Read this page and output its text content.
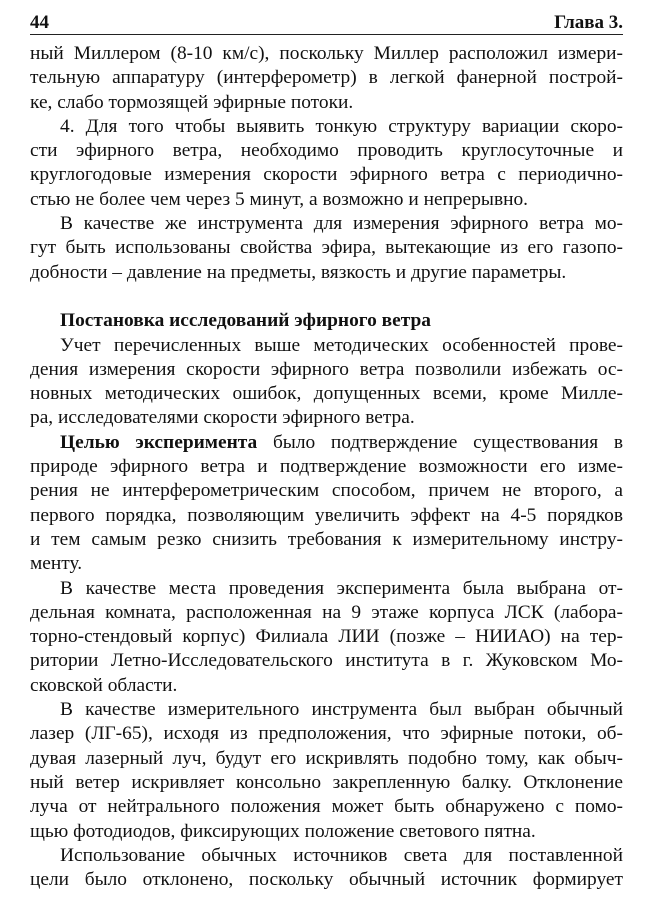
44	Глава 3.
ный Миллером (8-10 км/с), поскольку Миллер расположил измери-
тельную аппаратуру (интерферометр) в легкой фанерной построй-
ке, слабо тормозящей эфирные потоки.
4. Для того чтобы выявить тонкую структуру вариации скоро-
сти эфирного ветра, необходимо проводить круглосуточные и
круглогодовые измерения скорости эфирного ветра с периодично-
стью не более чем через 5 минут, а возможно и непрерывно.
В качестве же инструмента для измерения эфирного ветра мо-
гут быть использованы свойства эфира, вытекающие из его газопо-
добности – давление на предметы, вязкость и другие параметры.
Постановка исследований эфирного ветра
Учет перечисленных выше методических особенностей прове-
дения измерения скорости эфирного ветра позволили избежать ос-
новных методических ошибок, допущенных всеми, кроме Милле-
ра, исследователями скорости эфирного ветра.
Целью эксперимента было подтверждение существования в
природе эфирного ветра и подтверждение возможности его изме-
рения не интерферометрическим способом, причем не второго, а
первого порядка, позволяющим увеличить эффект на 4-5 порядков
и тем самым резко снизить требования к измерительному инстру-
менту.
В качестве места проведения эксперимента была выбрана от-
дельная комната, расположенная на 9 этаже корпуса ЛСК (лабора-
торно-стендовый корпус) Филиала ЛИИ (позже – НИИАО) на тер-
ритории Летно-Исследовательского института в г. Жуковском Мо-
сковской области.
В качестве измерительного инструмента был выбран обычный
лазер (ЛГ-65), исходя из предположения, что эфирные потоки, об-
дувая лазерный луч, будут его искривлять подобно тому, как обыч-
ный ветер искривляет консольно закрепленную балку. Отклонение
луча от нейтрального положения может быть обнаружено с помо-
щью фотодиодов, фиксирующих положение светового пятна.
Использование обычных источников света для поставленной
цели было отклонено, поскольку обычный источник формирует
